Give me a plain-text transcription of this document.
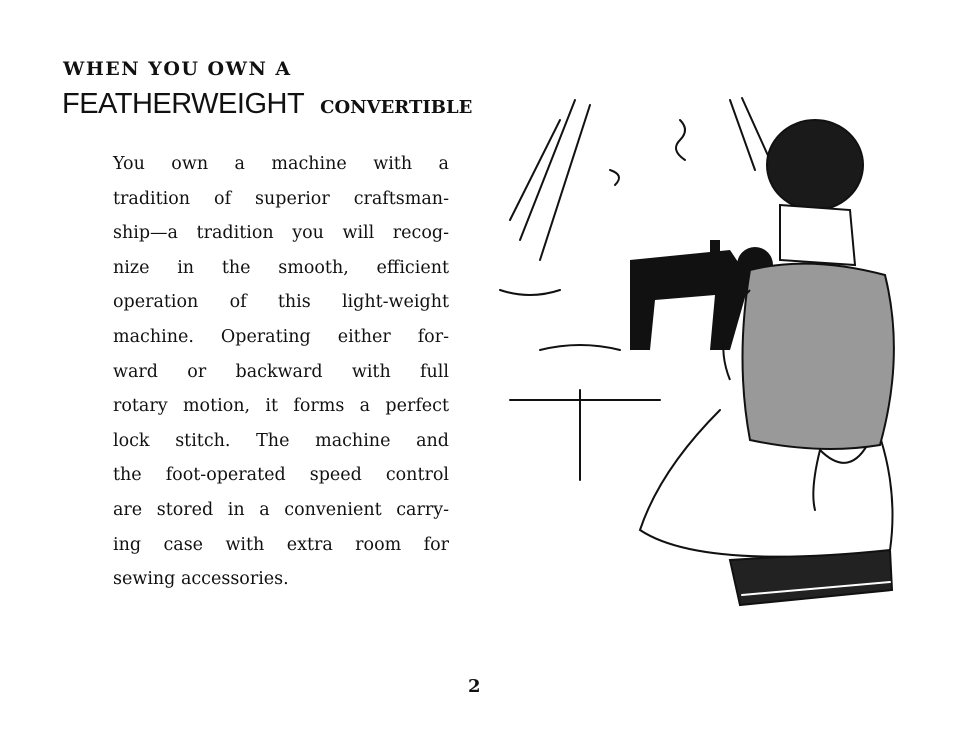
WHEN YOU OWN A
FEATHERWEIGHT CONVERTIBLE
You own a machine with a
tradition of superior craftsman-
ship—a tradition you will recog-
nize in the smooth, efficient
operation of this light-weight
machine. Operating either for-
ward or backward with full
rotary motion, it forms a perfect
lock stitch. The machine and
the foot-operated speed control
are stored in a convenient carry-
ing case with extra room for
sewing accessories.
2
